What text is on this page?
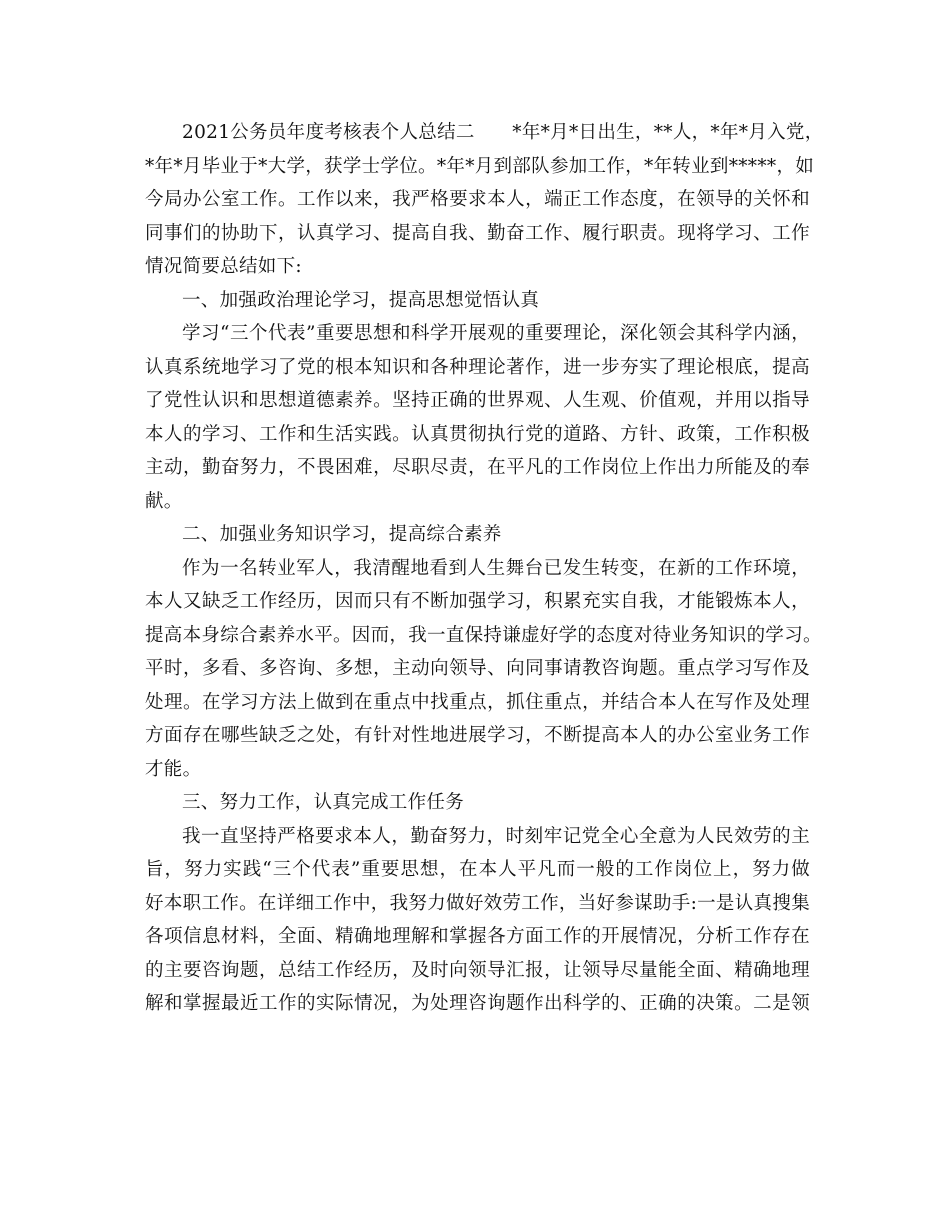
2021公务员年度考核表个人总结二　　*年*月*日出生，**人，*年*月入党，
*年*月毕业于*大学，获学士学位。*年*月到部队参加工作，*年转业到*****，如
今局办公室工作。工作以来，我严格要求本人，端正工作态度，在领导的关怀和
同事们的协助下，认真学习、提高自我、勤奋工作、履行职责。现将学习、工作
情况简要总结如下:
一、加强政治理论学习，提高思想觉悟认真
学习“三个代表”重要思想和科学开展观的重要理论，深化领会其科学内涵，
认真系统地学习了党的根本知识和各种理论著作，进一步夯实了理论根底，提高
了党性认识和思想道德素养。坚持正确的世界观、人生观、价值观，并用以指导
本人的学习、工作和生活实践。认真贯彻执行党的道路、方针、政策，工作积极
主动，勤奋努力，不畏困难，尽职尽责，在平凡的工作岗位上作出力所能及的奉
献。
二、加强业务知识学习，提高综合素养
作为一名转业军人，我清醒地看到人生舞台已发生转变，在新的工作环境，
本人又缺乏工作经历，因而只有不断加强学习，积累充实自我，才能锻炼本人，
提高本身综合素养水平。因而，我一直保持谦虚好学的态度对待业务知识的学习。
平时，多看、多咨询、多想，主动向领导、向同事请教咨询题。重点学习写作及
处理。在学习方法上做到在重点中找重点，抓住重点，并结合本人在写作及处理
方面存在哪些缺乏之处，有针对性地进展学习，不断提高本人的办公室业务工作
才能。
三、努力工作，认真完成工作任务
我一直坚持严格要求本人，勤奋努力，时刻牢记党全心全意为人民效劳的主
旨，努力实践“三个代表”重要思想，在本人平凡而一般的工作岗位上，努力做
好本职工作。在详细工作中，我努力做好效劳工作，当好参谋助手:一是认真搜集
各项信息材料，全面、精确地理解和掌握各方面工作的开展情况，分析工作存在
的主要咨询题，总结工作经历，及时向领导汇报，让领导尽量能全面、精确地理
解和掌握最近工作的实际情况，为处理咨询题作出科学的、正确的决策。二是领
